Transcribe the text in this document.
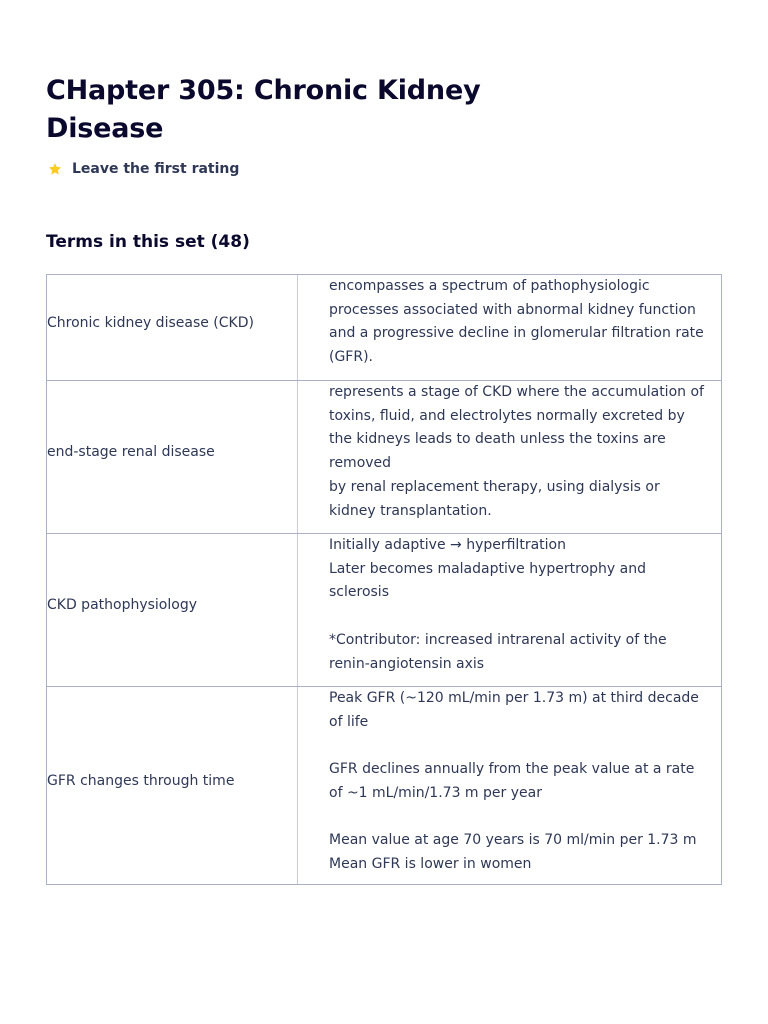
CHapter 305: Chronic Kidney Disease
Leave the first rating
Terms in this set (48)
Chronic kidney disease (CKD)
encompasses a spectrum of pathophysiologic processes associated with abnormal kidney function and a progressive decline in glomerular filtration rate (GFR).
end-stage renal disease
represents a stage of CKD where the accumulation of toxins, fluid, and electrolytes normally excreted by the kidneys leads to death unless the toxins are removed
by renal replacement therapy, using dialysis or kidney transplantation.
CKD pathophysiology
Initially adaptive → hyperfiltration
Later becomes maladaptive hypertrophy and sclerosis

*Contributor: increased intrarenal activity of the renin-angiotensin axis
GFR changes through time
Peak GFR (~120 mL/min per 1.73 m) at third decade of life

GFR declines annually from the peak value at a rate of ~1 mL/min/1.73 m per year

Mean value at age 70 years is 70 ml/min per 1.73 m
Mean GFR is lower in women
